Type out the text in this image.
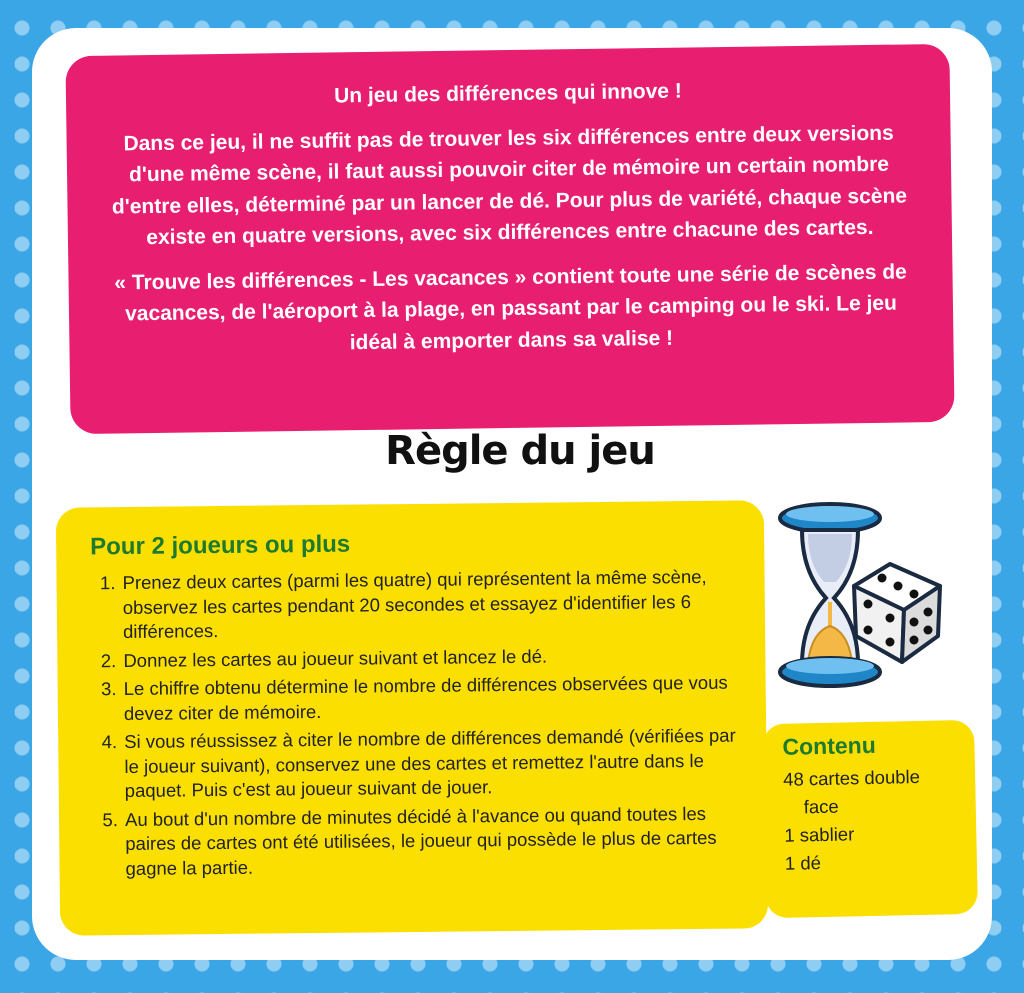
Un jeu des différences qui innove !

Dans ce jeu, il ne suffit pas de trouver les six différences entre deux versions d'une même scène, il faut aussi pouvoir citer de mémoire un certain nombre d'entre elles, déterminé par un lancer de dé. Pour plus de variété, chaque scène existe en quatre versions, avec six différences entre chacune des cartes.

« Trouve les différences - Les vacances » contient toute une série de scènes de vacances, de l'aéroport à la plage, en passant par le camping ou le ski. Le jeu idéal à emporter dans sa valise !

Règle du jeu
Pour 2 joueurs ou plus
1. Prenez deux cartes (parmi les quatre) qui représentent la même scène, observez les cartes pendant 20 secondes et essayez d'identifier les 6 différences.
2. Donnez les cartes au joueur suivant et lancez le dé.
3. Le chiffre obtenu détermine le nombre de différences observées que vous devez citer de mémoire.
4. Si vous réussissez à citer le nombre de différences demandé (vérifiées par le joueur suivant), conservez une des cartes et remettez l'autre dans le paquet. Puis c'est au joueur suivant de jouer.
5. Au bout d'un nombre de minutes décidé à l'avance ou quand toutes les paires de cartes ont été utilisées, le joueur qui possède le plus de cartes gagne la partie.
Contenu
48 cartes double
face
1 sablier
1 dé
